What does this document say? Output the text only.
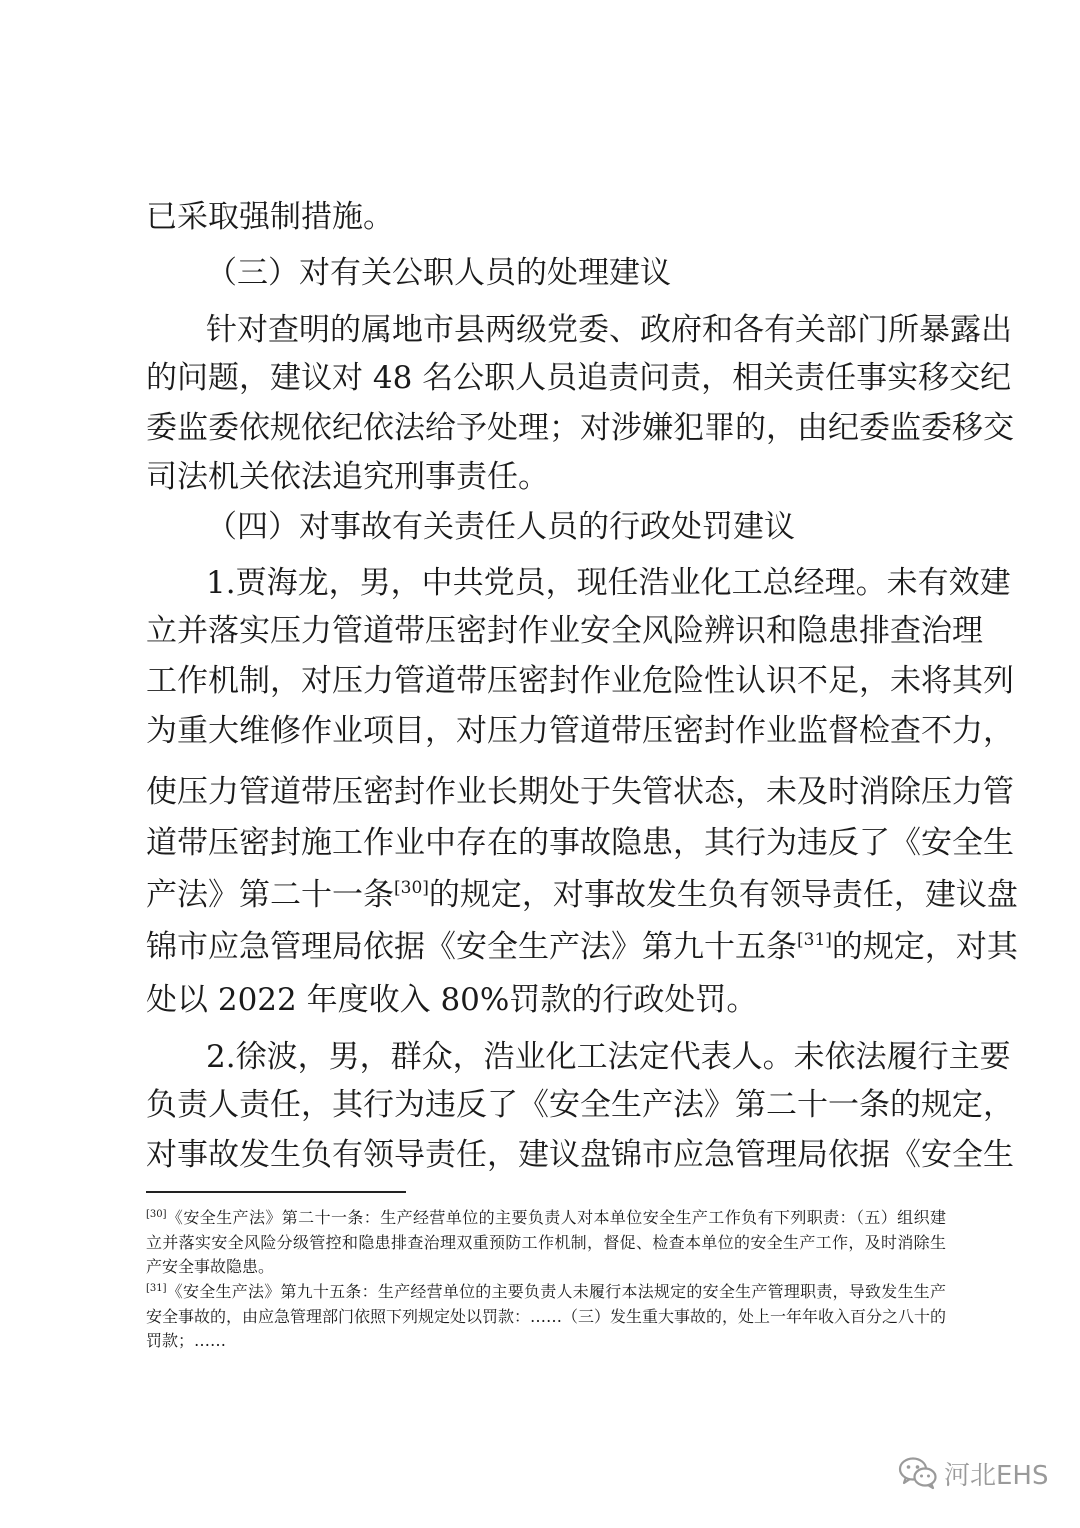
已采取强制措施。
（三）对有关公职人员的处理建议
针对查明的属地市县两级党委、政府和各有关部门所暴露出
的问题，建议对 48 名公职人员追责问责，相关责任事实移交纪
委监委依规依纪依法给予处理；对涉嫌犯罪的，由纪委监委移交
司法机关依法追究刑事责任。
（四）对事故有关责任人员的行政处罚建议
1.贾海龙，男，中共党员，现任浩业化工总经理。未有效建
立并落实压力管道带压密封作业安全风险辨识和隐患排查治理
工作机制，对压力管道带压密封作业危险性认识不足，未将其列
为重大维修作业项目，对压力管道带压密封作业监督检查不力，
使压力管道带压密封作业长期处于失管状态，未及时消除压力管
道带压密封施工作业中存在的事故隐患，其行为违反了《安全生
产法》第二十一条[30]的规定，对事故发生负有领导责任，建议盘
锦市应急管理局依据《安全生产法》第九十五条[31]的规定，对其
处以 2022 年度收入 80%罚款的行政处罚。
2.徐波，男，群众，浩业化工法定代表人。未依法履行主要
负责人责任，其行为违反了《安全生产法》第二十一条的规定，
对事故发生负有领导责任，建议盘锦市应急管理局依据《安全生
[30]《安全生产法》第二十一条：生产经营单位的主要负责人对本单位安全生产工作负有下列职责：（五）组织建
立并落实安全风险分级管控和隐患排查治理双重预防工作机制，督促、检查本单位的安全生产工作，及时消除生
产安全事故隐患。
[31]《安全生产法》第九十五条：生产经营单位的主要负责人未履行本法规定的安全生产管理职责，导致发生生产
安全事故的，由应急管理部门依照下列规定处以罚款：……（三）发生重大事故的，处上一年年收入百分之八十的
罚款；……
河北EHS
